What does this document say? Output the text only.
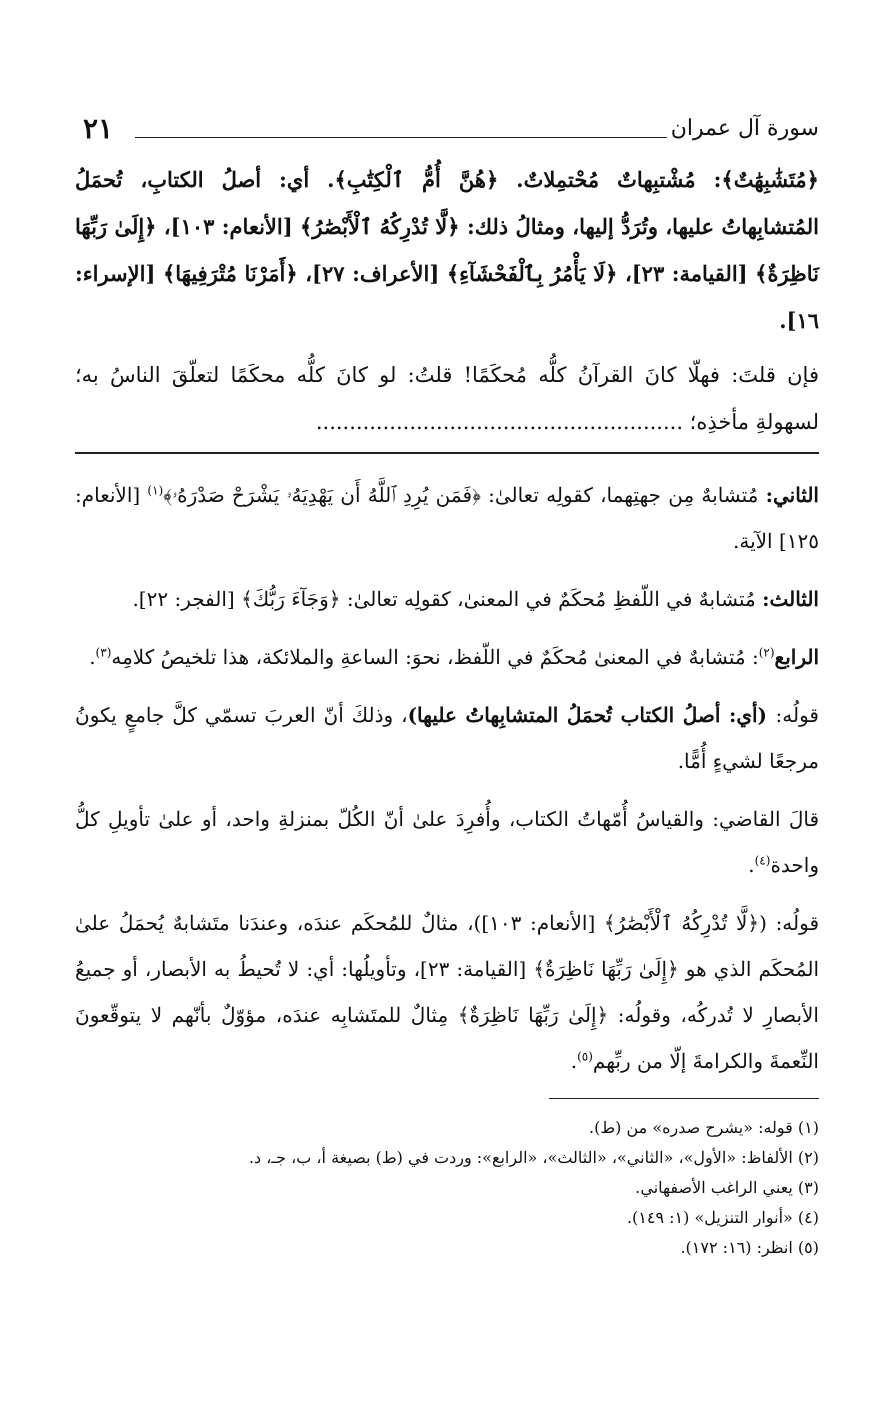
سورة آل عمران
٢١

﴿مُتَشَٰبِهَٰتٌ﴾: مُشْتبِهاتٌ مُحْتمِلاتٌ. ﴿هُنَّ أُمُّ ٱلْكِتَٰبِ﴾. أي: أصلُ الكتابِ، تُحمَلُ المُتشابِهاتُ عليها، وتُرَدُّ إليها، ومثالُ ذلك: ﴿لَّا تُدْرِكُهُ ٱلْأَبْصَٰرُ﴾ [الأنعام: ١٠٣]، ﴿إِلَىٰ رَبِّهَا نَاظِرَةٌ﴾ [القيامة: ٢٣]، ﴿لَا يَأْمُرُ بِٱلْفَحْشَآءِ﴾ [الأعراف: ٢٧]، ﴿أَمَرْنَا مُتْرَفِيهَا﴾ [الإسراء: ١٦].

فإن قلتَ: فهلّا كانَ القرآنُ كلُّه مُحكَمًا! قلتُ: لو كانَ كلُّه محكَمًا لتعلّقَ الناسُ به؛ لسهولةِ مأخذِه؛ .......................................................

الثاني: مُتشابهٌ مِن جهتِهما، كقولِه تعالىٰ: ﴿فَمَن يُرِدِ ٱللَّهُ أَن يَهْدِيَهُۥ يَشْرَحْ صَدْرَهُۥ﴾$^{(١)}$ [الأنعام: ١٢٥] الآية.

الثالث: مُتشابهٌ في اللّفظِ مُحكَمٌ في المعنىٰ، كقولِه تعالىٰ: ﴿وَجَآءَ رَبُّكَ﴾ [الفجر: ٢٢].

الرابع$^{(٢)}$: مُتشابهٌ في المعنىٰ مُحكَمٌ في اللّفظ، نحوَ: الساعةِ والملائكة، هذا تلخيصُ كلامِه$^{(٣)}$.

قولُه: (أي: أصلُ الكتاب تُحمَلُ المتشابِهاتُ عليها)، وذلكَ أنّ العربَ تسمّي كلَّ جامعٍ يكونُ مرجعًا لشيءٍ أُمًّا.

قالَ القاضي: والقياسُ أُمّهاتُ الكتاب، وأُفرِدَ علىٰ أنّ الكُلّ بمنزلةِ واحد، أو علىٰ تأويلِ كلُّ واحدة$^{(٤)}$.

قولُه: (﴿لَّا تُدْرِكُهُ ٱلْأَبْصَٰرُ﴾ [الأنعام: ١٠٣])، مثالٌ للمُحكَم عندَه، وعندَنا متَشابهٌ يُحمَلُ علىٰ المُحكَم الذي هو ﴿إِلَىٰ رَبِّهَا نَاظِرَةٌ﴾ [القيامة: ٢٣]، وتأويلُها: أي: لا تُحيطُ به الأبصار، أو جميعُ الأبصارِ لا تُدركُه، وقولُه: ﴿إِلَىٰ رَبِّهَا نَاظِرَةٌ﴾ مِثالٌ للمتَشابِه عندَه، مؤوّلٌ بأنّهم لا يتوقّعونَ النِّعمةَ والكرامةَ إلّا من ربِّهم$^{(٥)}$.

(١) قوله: «يشرح صدره» من (ط).
(٢) الألفاظ: «الأول»، «الثاني»، «الثالث»، «الرابع»: وردت في (ط) بصيغة أ، ب، جـ، د.
(٣) يعني الراغب الأصفهاني.
(٤) «أنوار التنزيل» (١: ١٤٩).
(٥) انظر: (١٦: ١٧٢).
